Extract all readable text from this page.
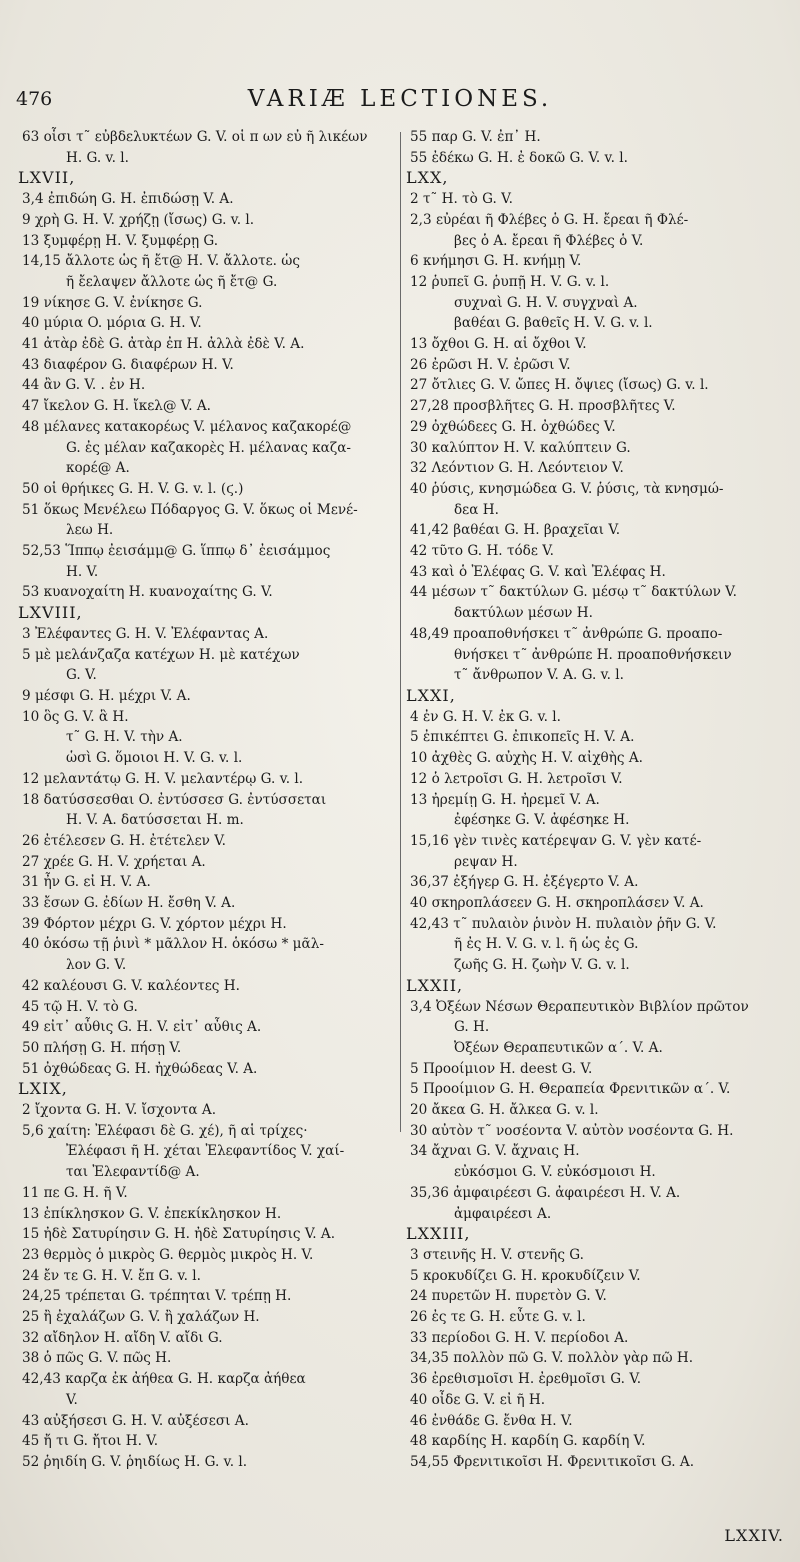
476	VARIÆ LECTIONES.
63 οἷσι τ῀ εὐβδελυκτέων G. V. οἱ π ων εὐ ῆ λικέων
H. G. v. l.
LXVII,
3,4 ἐπιδώη G. H. ἐπιδώσῃ V. A.
9 χρὴ G. H. V. χρήζῃ (ἴσως) G. v. l.
13 ξυμφέρῃ H. V. ξυμφέρῃ G.
14,15 ἄλλοτε ὡς ῆ ἔτ@ H. V. ἄλλοτε. ὡς
ῆ ἔελαψεν ἄλλοτε ὡς ῆ ἔτ@ G.
19 νίκησε G. V. ἐνίκησε G.
40 μύρια O. μόρια G. H. V.
41 ἀτὰρ ἐδὲ G. ἀτὰρ ἐπ H. ἀλλὰ ἐδὲ V. A.
43 διαφέρον G. διαφέρων H. V.
44 ἂν G. V. . ἐν H.
47 ἴκελον G. H. ἴκελ@ V. A.
48 μέλανες κατακορέως V. μέλανος καζακορέ@
G. ἐς μέλαν καζακορὲς H. μέλανας καζα-
κορέ@ A.
50 οἱ θρήικες G. H. V. G. v. l. (ϛ.)
51 ὅκως Μενέλεω Πόδαργος G. V. ὅκως οἱ Μενέ-
λεω H.
52,53 Ἵππῳ ἐεισάμμ@ G. ἵππῳ δ᾽ ἐεισάμμος
H. V.
53 κυανοχαίτη H. κυανοχαίτης G. V.
LXVIII,
3 Ἐλέφαντες G. H. V. Ἐλέφαντας A.
5 μὲ μελάνζαζα κατέχων H. μὲ κατέχων
G. V.
9 μέσφι G. H. μέχρι V. A.
10 ὃς G. V. ἃ H.
τ῀ G. H. V. τὴν A.
ὡσὶ G. ὅμοιοι H. V. G. v. l.
12 μελαντάτῳ G. H. V. μελαντέρῳ G. v. l.
18 δατύσσεσθαι O. ἐντύσσεσ G. ἐντύσσεται
H. V. A. δατύσσεται H. m.
26 ἐτέλεσεν G. H. ἐτέτελεν V.
27 χρέε G. H. V. χρήεται A.
31 ἦν G. εἰ H. V. A.
33 ἔσων G. ἐδίων H. ἔσθη V. A.
39 Φόρτον μέχρι G. V. χόρτον μέχρι H.
40 ὁκόσω τῇ ῥινὶ * μᾶλλον H. ὁκόσω * μᾶλ-
λον G. V.
42 καλέουσι G. V. καλέοντες H.
45 τῷ H. V. τὸ G.
49 εἰτ᾽ αὖθις G. H. V. εἰτ᾽ αὖθις A.
50 πλήσῃ G. H. πήσῃ V.
51 ὀχθώδεας G. H. ἠχθώδεας V. A.
LXIX,
2 ἴχοντα G. H. V. ἴσχοντα A.
5,6 χαίτη: Ἐλέφασι δὲ G. χέ), ῆ αἱ τρίχες·
Ἐλέφασι ῆ H. χέται Ἐλεφαντίδος V. χαί-
ται Ἐλεφαντίδ@ A.
11 πε G. H. ῆ V.
13 ἐπίκλησκον G. V. ἐπεκίκλησκον H.
15 ἠδὲ Σατυρίησιν G. H. ἠδὲ Σατυρίησις V. A.
23 θερμὸς ὁ μικρὸς G. θερμὸς μικρὸς H. V.
24 ἔν τε G. H. V. ἔπ G. v. l.
24,25 τρέπεται G. τρέπηται V. τρέπῃ H.
25 ἢ ἐχαλάζων G. V. ἢ χαλάζων H.
32 αἴδηλον H. αἴδη V. αἴδι G.
38 ὁ πῶς G. V. πῶς H.
42,43 καρζα ἐκ ἀήθεα G. H. καρζα ἀήθεα
V.
43 αὐξήσεσι G. H. V. αὐξέσεσι A.
45 ἤ τι G. ἤτοι H. V.
52 ῥηιδίη G. V. ῥηιδίως H. G. v. l.
55 παρ G. V. ἐπ᾽ H.
55 ἐδέκω G. H. ἐ δοκῶ G. V. v. l.
LXX,
2 τ῀ H. τὸ G. V.
2,3 εὐρέαι ῆ Φλέβες ὁ G. H. ἔρεαι ῆ Φλέ-
βες ὁ A. ἔρεαι ῆ Φλέβες ὁ V.
6 κνήμησι G. H. κνήμῃ V.
12 ῥυπεῖ G. ῥυπῇ H. V. G. v. l.
συχναὶ G. H. V. συγχναὶ A.
βαθέαι G. βαθεῖς H. V. G. v. l.
13 ὄχθοι G. H. αἱ ὄχθοι V.
26 ἐρῶσι H. V. ἐρῶσι V.
27 ὄτλιες G. V. ὤπες H. ὄψιες (ἴσως) G. v. l.
27,28 προσβλῆτες G. H. προσβλῆτες V.
29 ὀχθώδεες G. H. ὀχθώδες V.
30 καλύπτον H. V. καλύπτειν G.
32 Λεόντιον G. H. Λεόντειον V.
40 ῥύσις, κνησμώδεα G. V. ῥύσις, τὰ κνησμώ-
δεα H.
41,42 βαθέαι G. H. βραχεῖαι V.
42 τῦτο G. H. τόδε V.
43 καὶ ὁ Ἐλέφας G. V. καὶ Ἐλέφας H.
44 μέσων τ῀ δακτύλων G. μέσῳ τ῀ δακτύλων V.
δακτύλων μέσων H.
48,49 προαποθνήσκει τ῀ ἀνθρώπε G. προαπο-
θνήσκει τ῀ ἀνθρώπε H. προαποθνήσκειν
τ῀ ἄνθρωπον V. A. G. v. l.
LXXI,
4 ἐν G. H. V. ἐκ G. v. l.
5 ἐπικέπτει G. ἐπικοπεῖς H. V. A.
10 ἀχθὲς G. αὐχὴς H. V. αἰχθὴς A.
12 ὁ λετροῖσι G. H. λετροῖσι V.
13 ἠρεμίῃ G. H. ἠρεμεῖ V. A.
ἐφέσηκε G. V. ἀφέσηκε H.
15,16 γὲν τινὲς κατέρεψαν G. V. γὲν κατέ-
ρεψαν H.
36,37 ἐξήγερ G. H. ἐξέγερτο V. A.
40 σκηροπλάσεεν G. H. σκηροπλάσεν V. A.
42,43 τ῀ πυλαιὸν ῥινὸν H. πυλαιὸν ῥῆν G. V.
ῆ ἐς H. V. G. v. l. ῆ ὡς ἐς G.
ζωῆς G. H. ζωὴν V. G. v. l.
LXXII,
3,4 Ὀξέων Νέσων Θεραπευτικὸν Βιβλίον πρῶτον
G. H.
Ὀξέων Θεραπευτικῶν α΄. V. A.
5 Προοίμιον H. deest G. V.
5 Προοίμιον G. H. Θεραπεία Φρενιτικῶν α΄. V.
20 ἄκεα G. H. ἄλκεα G. v. l.
30 αὐτὸν τ῀ νοσέοντα V. αὐτὸν νοσέοντα G. H.
34 ἄχναι G. V. ἄχναις H.
εὐκόσμοι G. V. εὐκόσμοισι H.
35,36 ἀμφαιρέεσι G. ἀφαιρέεσι H. V. A.
ἀμφαιρέεσι A.
LXXIII,
3 στεινῆς H. V. στενῆς G.
5 κροκυδίζει G. H. κροκυδίζειν V.
24 πυρετῶν H. πυρετὸν G. V.
26 ἐς τε G. H. εὖτε G. v. l.
33 περίοδοι G. H. V. περίοδοι A.
34,35 πολλὸν πῶ G. V. πολλὸν γὰρ πῶ H.
36 ἐρεθισμοῖσι H. ἐρεθμοῖσι G. V.
40 οἶδε G. V. εἰ ῆ H.
46 ἐνθάδε G. ἔνθα H. V.
48 καρδίης H. καρδίη G. καρδίη V.
54,55 Φρενιτικοῖσι H. Φρενιτικοῖσι G. A.
LXXIV.
